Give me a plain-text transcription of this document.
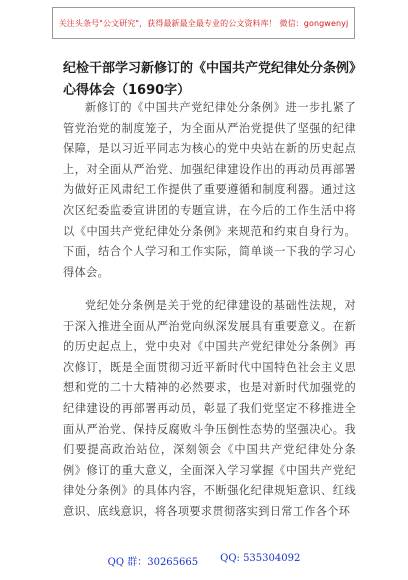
关注头条号"公文研究"，获得最新最全最专业的公文资料库！ 微信：gongwenyj
纪检干部学习新修订的《中国共产党纪律处分条例》心得体会（1690字）

新修订的《中国共产党纪律处分条例》进一步扎紧了管党治党的制度笼子，为全面从严治党提供了坚强的纪律保障，是以习近平同志为核心的党中央站在新的历史起点上，对全面从严治党、加强纪律建设作出的再动员再部署为做好正风肃纪工作提供了重要遵循和制度利器。通过这次区纪委监委宣讲团的专题宣讲，在今后的工作生活中将以《中国共产党纪律处分条例》来规范和约束自身行为。下面，结合个人学习和工作实际，简单谈一下我的学习心得体会。

党纪处分条例是关于党的纪律建设的基础性法规，对于深入推进全面从严治党向纵深发展具有重要意义。在新的历史起点上，党中央对《中国共产党纪律处分条例》再次修订，既是全面贯彻习近平新时代中国特色社会主义思想和党的二十大精神的必然要求，也是对新时代加强党的纪律建设的再部署再动员，彰显了我们党坚定不移推进全面从严治党、保持反腐败斗争压倒性态势的坚强决心。我们要提高政治站位，深刻领会《中国共产党纪律处分条例》修订的重大意义，全面深入学习掌握《中国共产党纪律处分条例》的具体内容，不断强化纪律规矩意识、红线意识、底线意识，将各项要求贯彻落实到日常工作各个环

QQ 群：30265665 QQ: 535304092
